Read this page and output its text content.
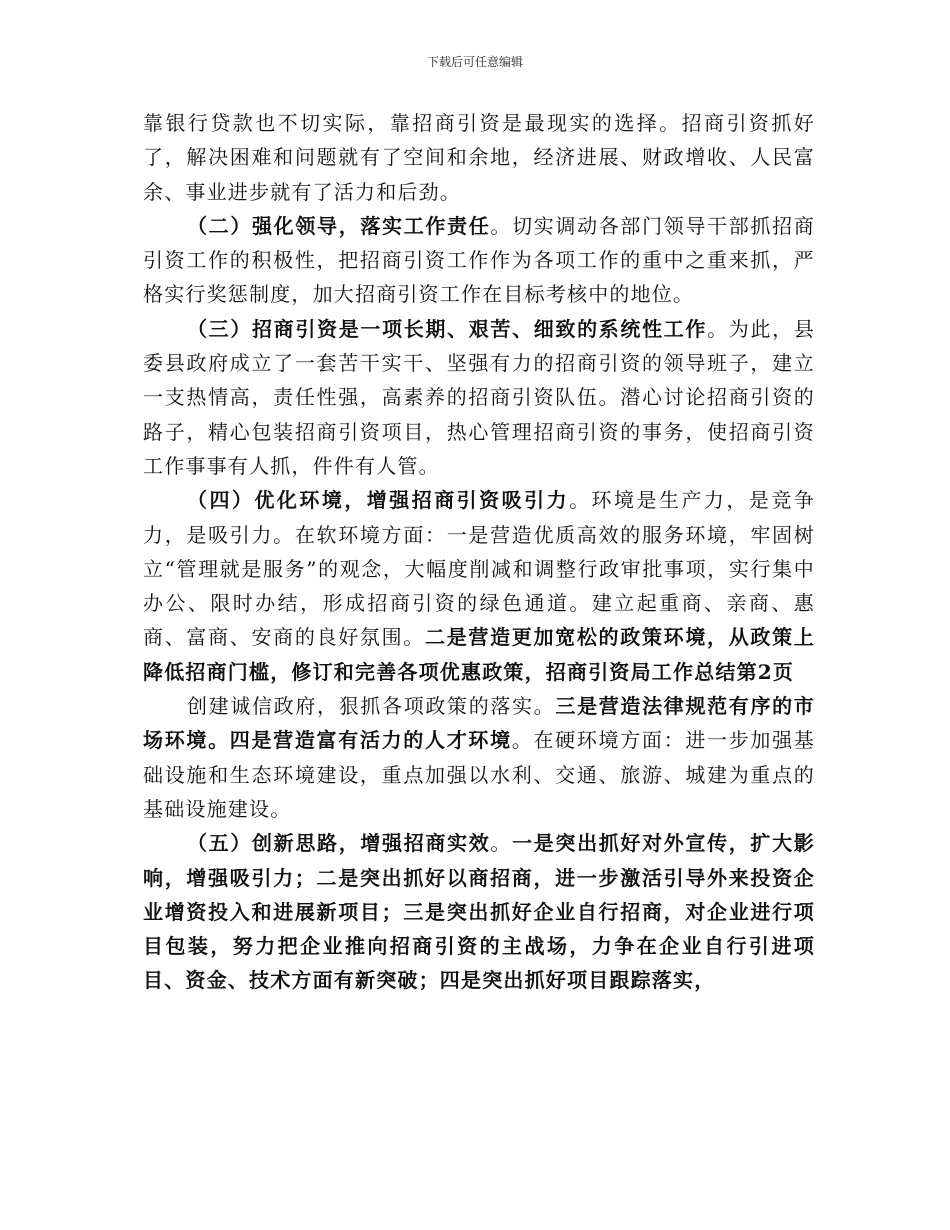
下载后可任意编辑

靠银行贷款也不切实际，靠招商引资是最现实的选择。招商引资抓好了，解决困难和问题就有了空间和余地，经济进展、财政增收、人民富余、事业进步就有了活力和后劲。

（二）强化领导，落实工作责任。切实调动各部门领导干部抓招商引资工作的积极性，把招商引资工作作为各项工作的重中之重来抓，严格实行奖惩制度，加大招商引资工作在目标考核中的地位。

（三）招商引资是一项长期、艰苦、细致的系统性工作。为此，县委县政府成立了一套苦干实干、坚强有力的招商引资的领导班子，建立一支热情高，责任性强，高素养的招商引资队伍。潜心讨论招商引资的路子，精心包装招商引资项目，热心管理招商引资的事务，使招商引资工作事事有人抓，件件有人管。

（四）优化环境，增强招商引资吸引力。环境是生产力，是竞争力，是吸引力。在软环境方面：一是营造优质高效的服务环境，牢固树立“管理就是服务”的观念，大幅度削减和调整行政审批事项，实行集中办公、限时办结，形成招商引资的绿色通道。建立起重商、亲商、惠商、富商、安商的良好氛围。二是营造更加宽松的政策环境，从政策上降低招商门槛，修订和完善各项优惠政策，招商引资局工作总结第2页

创建诚信政府，狠抓各项政策的落实。三是营造法律规范有序的市场环境。四是营造富有活力的人才环境。在硬环境方面：进一步加强基础设施和生态环境建设，重点加强以水利、交通、旅游、城建为重点的基础设施建设。

（五）创新思路，增强招商实效。一是突出抓好对外宣传，扩大影响，增强吸引力；二是突出抓好以商招商，进一步激活引导外来投资企业增资投入和进展新项目；三是突出抓好企业自行招商，对企业进行项目包装，努力把企业推向招商引资的主战场，力争在企业自行引进项目、资金、技术方面有新突破；四是突出抓好项目跟踪落实，
